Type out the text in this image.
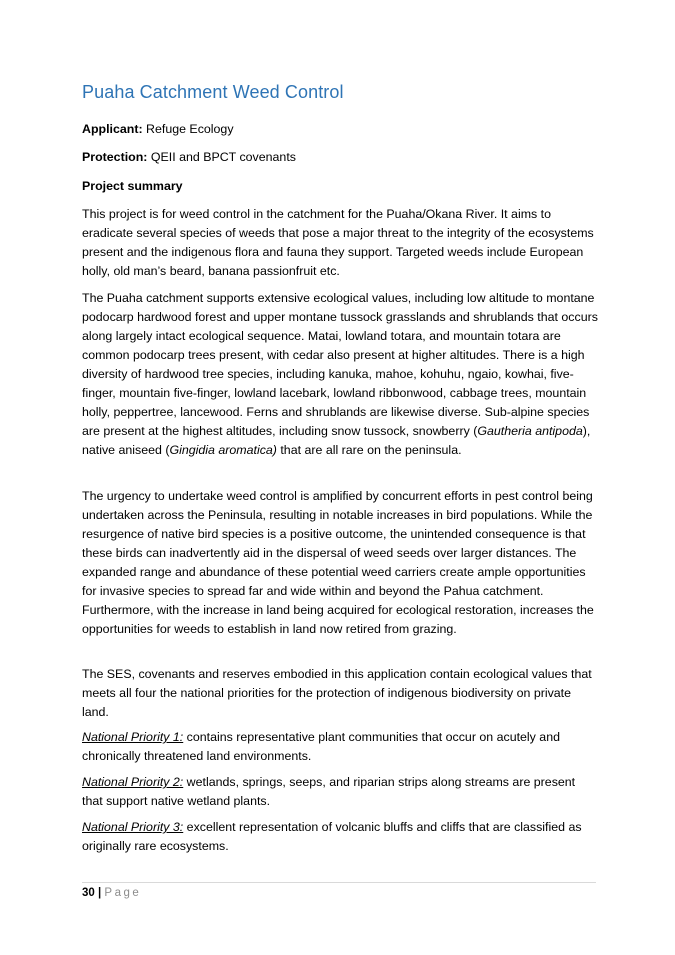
Puaha Catchment Weed Control

Applicant: Refuge Ecology

Protection: QEII and BPCT covenants

Project summary

This project is for weed control in the catchment for the Puaha/Okana River. It aims to eradicate several species of weeds that pose a major threat to the integrity of the ecosystems present and the indigenous flora and fauna they support. Targeted weeds include European holly, old man’s beard, banana passionfruit etc.

The Puaha catchment supports extensive ecological values, including low altitude to montane podocarp hardwood forest and upper montane tussock grasslands and shrublands that occurs along largely intact ecological sequence. Matai, lowland totara, and mountain totara are common podocarp trees present, with cedar also present at higher altitudes. There is a high diversity of hardwood tree species, including kanuka, mahoe, kohuhu, ngaio, kowhai, five-finger, mountain five-finger, lowland lacebark, lowland ribbonwood, cabbage trees, mountain holly, peppertree, lancewood. Ferns and shrublands are likewise diverse. Sub-alpine species are present at the highest altitudes, including snow tussock, snowberry (Gautheria antipoda), native aniseed (Gingidia aromatica) that are all rare on the peninsula.

The urgency to undertake weed control is amplified by concurrent efforts in pest control being undertaken across the Peninsula, resulting in notable increases in bird populations. While the resurgence of native bird species is a positive outcome, the unintended consequence is that these birds can inadvertently aid in the dispersal of weed seeds over larger distances. The expanded range and abundance of these potential weed carriers create ample opportunities for invasive species to spread far and wide within and beyond the Pahua catchment. Furthermore, with the increase in land being acquired for ecological restoration, increases the opportunities for weeds to establish in land now retired from grazing.

The SES, covenants and reserves embodied in this application contain ecological values that meets all four the national priorities for the protection of indigenous biodiversity on private land.

National Priority 1: contains representative plant communities that occur on acutely and chronically threatened land environments.

National Priority 2: wetlands, springs, seeps, and riparian strips along streams are present that support native wetland plants.

National Priority 3: excellent representation of volcanic bluffs and cliffs that are classified as originally rare ecosystems.

30 | Page
